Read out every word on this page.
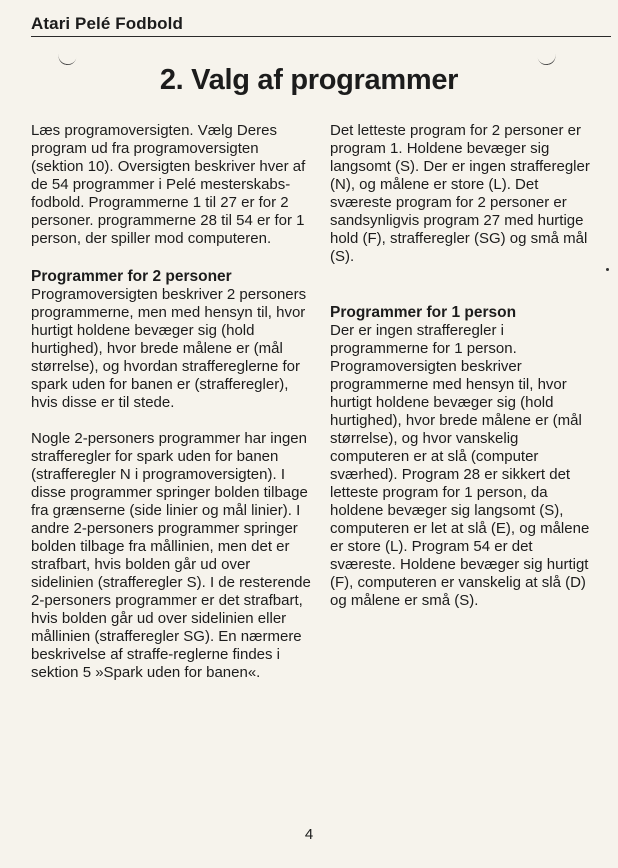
Atari Pelé Fodbold
2. Valg af programmer

Læs programoversigten. Vælg Deres program ud fra programoversigten (sektion 10). Oversigten beskriver hver af de 54 programmer i Pelé mesterskabs-fodbold. Programmerne 1 til 27 er for 2 personer. programmerne 28 til 54 er for 1 person, der spiller mod computeren.

Programmer for 2 personer

Programoversigten beskriver 2 personers programmerne, men med hensyn til, hvor hurtigt holdene bevæger sig (hold hurtighed), hvor brede målene er (mål størrelse), og hvordan straffereglerne for spark uden for banen er (strafferegler), hvis disse er til stede.

Nogle 2-personers programmer har ingen strafferegler for spark uden for banen (strafferegler N i programoversigten). I disse programmer springer bolden tilbage fra grænserne (side linier og mål linier). I andre 2-personers programmer springer bolden tilbage fra mållinien, men det er strafbart, hvis bolden går ud over sidelinien (strafferegler S). I de resterende 2-personers programmer er det strafbart, hvis bolden går ud over sidelinien eller mållinien (strafferegler SG). En nærmere beskrivelse af straffe-reglerne findes i sektion 5 »Spark uden for banen«.

Det letteste program for 2 personer er program 1. Holdene bevæger sig langsomt (S). Der er ingen strafferegler (N), og målene er store (L). Det sværeste program for 2 personer er sandsynligvis program 27 med hurtige hold (F), strafferegler (SG) og små mål (S).

Programmer for 1 person

Der er ingen strafferegler i programmerne for 1 person. Programoversigten beskriver programmerne med hensyn til, hvor hurtigt holdene bevæger sig (hold hurtighed), hvor brede målene er (mål størrelse), og hvor vanskelig computeren er at slå (computer sværhed). Program 28 er sikkert det letteste program for 1 person, da holdene bevæger sig langsomt (S), computeren er let at slå (E), og målene er store (L). Program 54 er det sværeste. Holdene bevæger sig hurtigt (F), computeren er vanskelig at slå (D) og målene er små (S).

4
